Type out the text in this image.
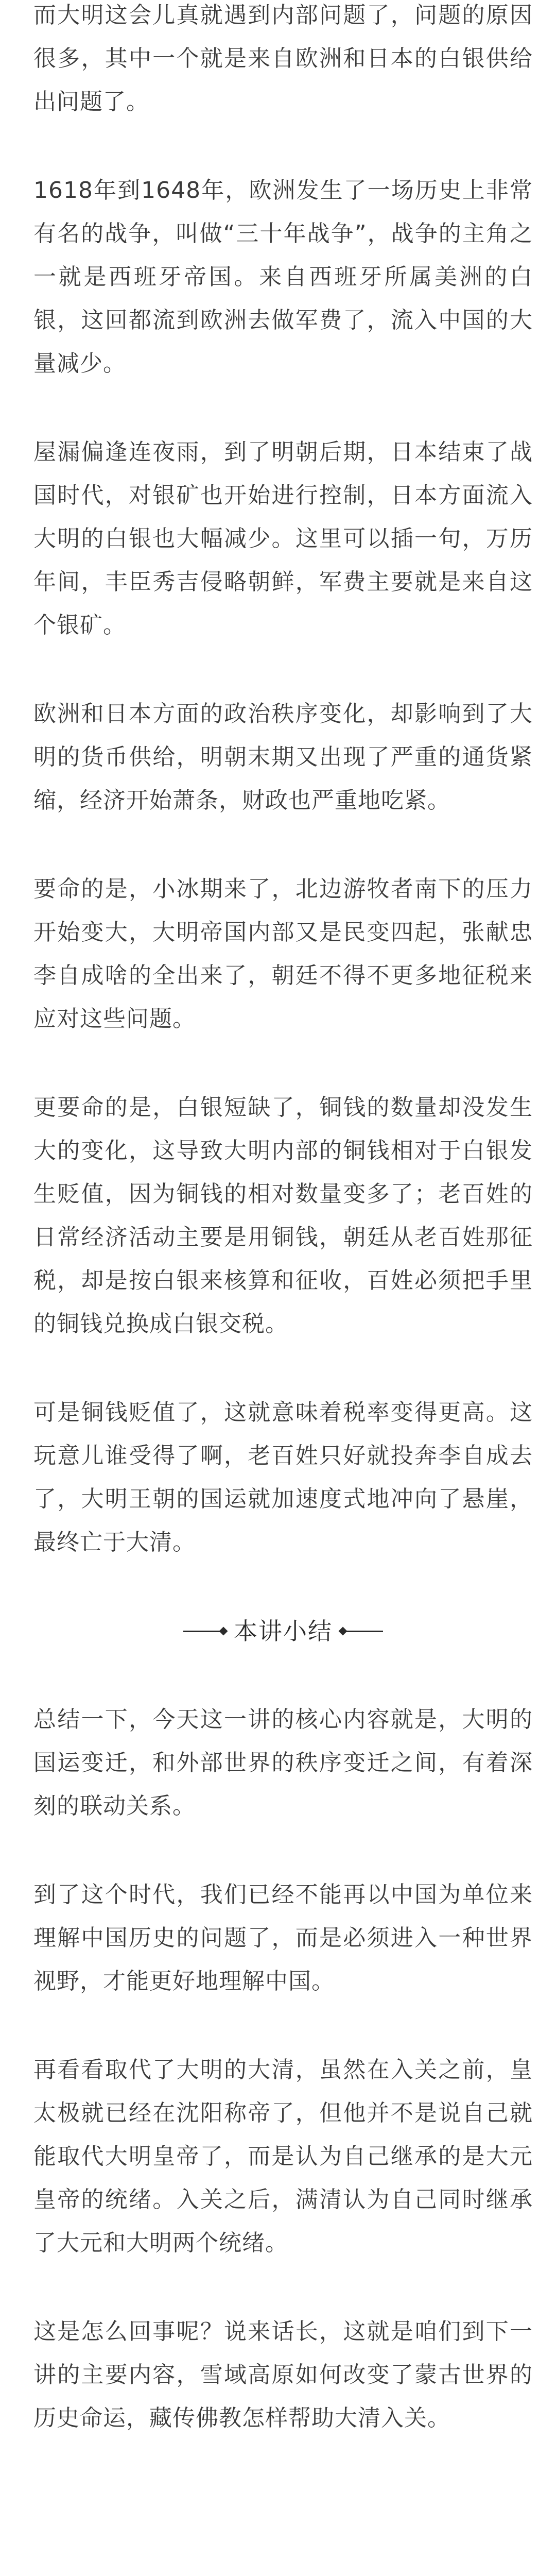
而大明这会儿真就遇到内部问题了，问题的原因很多，其中一个就是来自欧洲和日本的白银供给出问题了。

1618年到1648年，欧洲发生了一场历史上非常有名的战争，叫做“三十年战争”，战争的主角之一就是西班牙帝国。来自西班牙所属美洲的白银，这回都流到欧洲去做军费了，流入中国的大量减少。

屋漏偏逢连夜雨，到了明朝后期，日本结束了战国时代，对银矿也开始进行控制，日本方面流入大明的白银也大幅减少。这里可以插一句，万历年间，丰臣秀吉侵略朝鲜，军费主要就是来自这个银矿。

欧洲和日本方面的政治秩序变化，却影响到了大明的货币供给，明朝末期又出现了严重的通货紧缩，经济开始萧条，财政也严重地吃紧。

要命的是，小冰期来了，北边游牧者南下的压力开始变大，大明帝国内部又是民变四起，张献忠李自成啥的全出来了，朝廷不得不更多地征税来应对这些问题。

更要命的是，白银短缺了，铜钱的数量却没发生大的变化，这导致大明内部的铜钱相对于白银发生贬值，因为铜钱的相对数量变多了；老百姓的日常经济活动主要是用铜钱，朝廷从老百姓那征税，却是按白银来核算和征收，百姓必须把手里的铜钱兑换成白银交税。

可是铜钱贬值了，这就意味着税率变得更高。这玩意儿谁受得了啊，老百姓只好就投奔李自成去了，大明王朝的国运就加速度式地冲向了悬崖，最终亡于大清。

本讲小结

总结一下，今天这一讲的核心内容就是，大明的国运变迁，和外部世界的秩序变迁之间，有着深刻的联动关系。

到了这个时代，我们已经不能再以中国为单位来理解中国历史的问题了，而是必须进入一种世界视野，才能更好地理解中国。

再看看取代了大明的大清，虽然在入关之前，皇太极就已经在沈阳称帝了，但他并不是说自己就能取代大明皇帝了，而是认为自己继承的是大元皇帝的统绪。入关之后，满清认为自己同时继承了大元和大明两个统绪。

这是怎么回事呢？说来话长，这就是咱们到下一讲的主要内容，雪域高原如何改变了蒙古世界的历史命运，藏传佛教怎样帮助大清入关。
